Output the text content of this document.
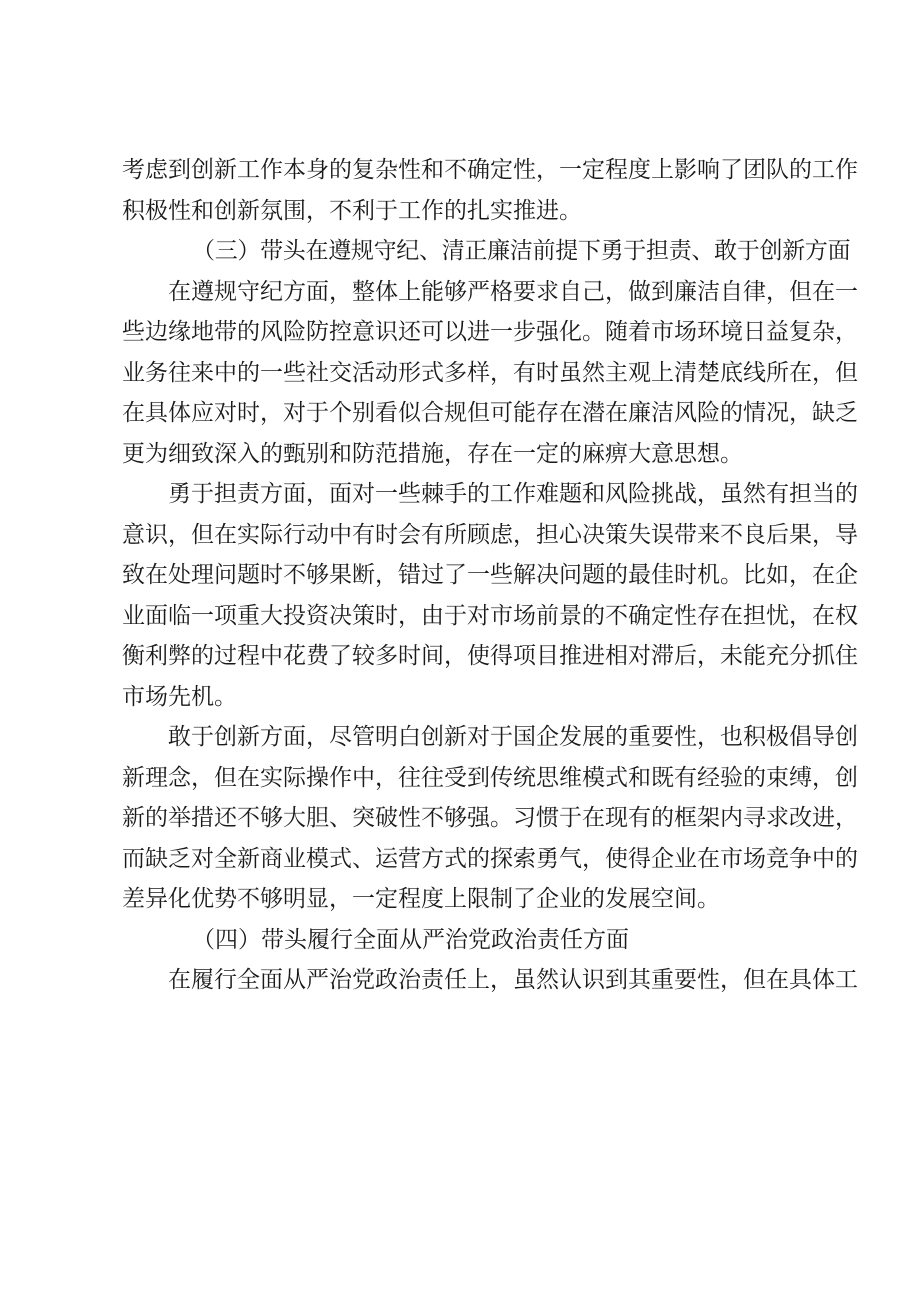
考虑到创新工作本身的复杂性和不确定性，一定程度上影响了团队的工作
积极性和创新氛围，不利于工作的扎实推进。

（三）带头在遵规守纪、清正廉洁前提下勇于担责、敢于创新方面

在遵规守纪方面，整体上能够严格要求自己，做到廉洁自律，但在一
些边缘地带的风险防控意识还可以进一步强化。随着市场环境日益复杂，
业务往来中的一些社交活动形式多样，有时虽然主观上清楚底线所在，但
在具体应对时，对于个别看似合规但可能存在潜在廉洁风险的情况，缺乏
更为细致深入的甄别和防范措施，存在一定的麻痹大意思想。

勇于担责方面，面对一些棘手的工作难题和风险挑战，虽然有担当的
意识，但在实际行动中有时会有所顾虑，担心决策失误带来不良后果，导
致在处理问题时不够果断，错过了一些解决问题的最佳时机。比如，在企
业面临一项重大投资决策时，由于对市场前景的不确定性存在担忧，在权
衡利弊的过程中花费了较多时间，使得项目推进相对滞后，未能充分抓住
市场先机。

敢于创新方面，尽管明白创新对于国企发展的重要性，也积极倡导创
新理念，但在实际操作中，往往受到传统思维模式和既有经验的束缚，创
新的举措还不够大胆、突破性不够强。习惯于在现有的框架内寻求改进，
而缺乏对全新商业模式、运营方式的探索勇气，使得企业在市场竞争中的
差异化优势不够明显，一定程度上限制了企业的发展空间。

（四）带头履行全面从严治党政治责任方面

在履行全面从严治党政治责任上，虽然认识到其重要性，但在具体工
